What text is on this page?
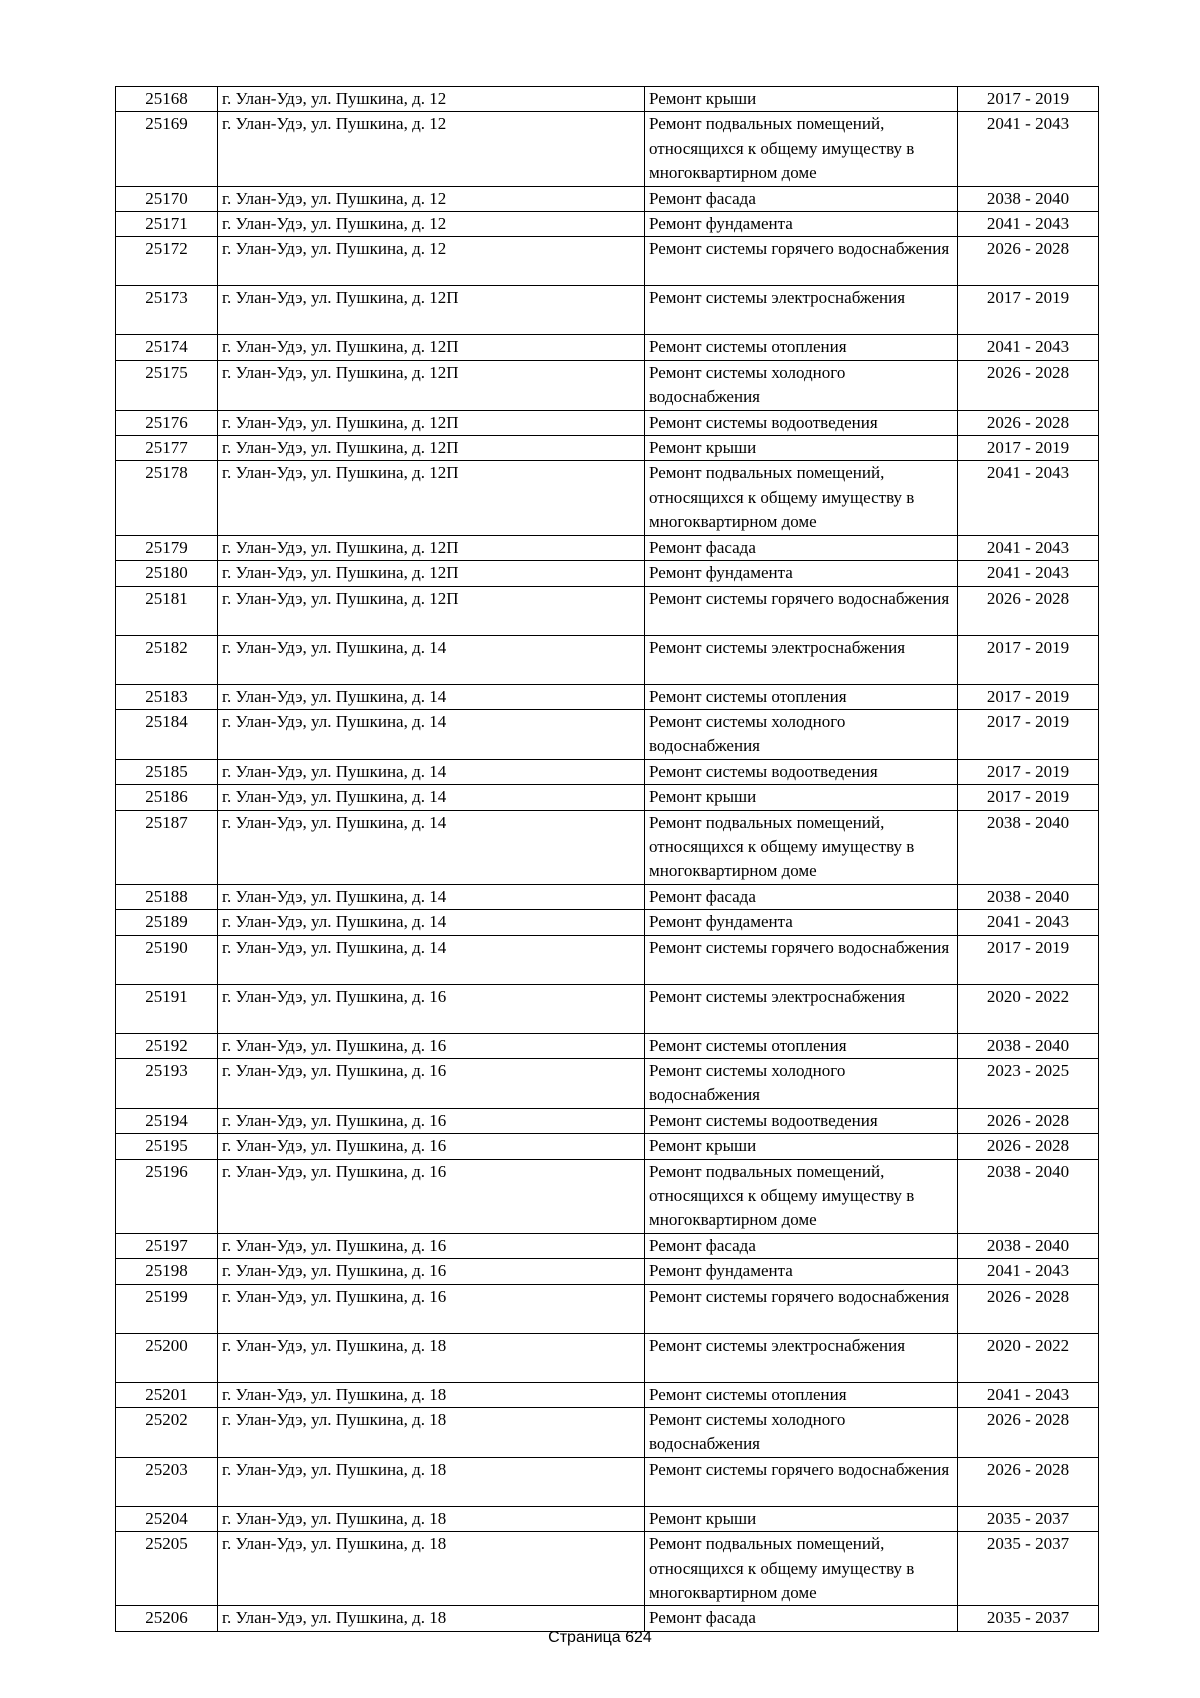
25168	г. Улан-Удэ, ул. Пушкина, д. 12	Ремонт крыши	2017 - 2019
25169	г. Улан-Удэ, ул. Пушкина, д. 12	Ремонт подвальных помещений, относящихся к общему имуществу в многоквартирном доме	2041 - 2043
25170	г. Улан-Удэ, ул. Пушкина, д. 12	Ремонт фасада	2038 - 2040
25171	г. Улан-Удэ, ул. Пушкина, д. 12	Ремонт фундамента	2041 - 2043
25172	г. Улан-Удэ, ул. Пушкина, д. 12	Ремонт системы горячего водоснабжения	2026 - 2028
25173	г. Улан-Удэ, ул. Пушкина, д. 12П	Ремонт системы электроснабжения	2017 - 2019
25174	г. Улан-Удэ, ул. Пушкина, д. 12П	Ремонт системы отопления	2041 - 2043
25175	г. Улан-Удэ, ул. Пушкина, д. 12П	Ремонт системы холодного водоснабжения	2026 - 2028
25176	г. Улан-Удэ, ул. Пушкина, д. 12П	Ремонт системы водоотведения	2026 - 2028
25177	г. Улан-Удэ, ул. Пушкина, д. 12П	Ремонт крыши	2017 - 2019
25178	г. Улан-Удэ, ул. Пушкина, д. 12П	Ремонт подвальных помещений, относящихся к общему имуществу в многоквартирном доме	2041 - 2043
25179	г. Улан-Удэ, ул. Пушкина, д. 12П	Ремонт фасада	2041 - 2043
25180	г. Улан-Удэ, ул. Пушкина, д. 12П	Ремонт фундамента	2041 - 2043
25181	г. Улан-Удэ, ул. Пушкина, д. 12П	Ремонт системы горячего водоснабжения	2026 - 2028
25182	г. Улан-Удэ, ул. Пушкина, д. 14	Ремонт системы электроснабжения	2017 - 2019
25183	г. Улан-Удэ, ул. Пушкина, д. 14	Ремонт системы отопления	2017 - 2019
25184	г. Улан-Удэ, ул. Пушкина, д. 14	Ремонт системы холодного водоснабжения	2017 - 2019
25185	г. Улан-Удэ, ул. Пушкина, д. 14	Ремонт системы водоотведения	2017 - 2019
25186	г. Улан-Удэ, ул. Пушкина, д. 14	Ремонт крыши	2017 - 2019
25187	г. Улан-Удэ, ул. Пушкина, д. 14	Ремонт подвальных помещений, относящихся к общему имуществу в многоквартирном доме	2038 - 2040
25188	г. Улан-Удэ, ул. Пушкина, д. 14	Ремонт фасада	2038 - 2040
25189	г. Улан-Удэ, ул. Пушкина, д. 14	Ремонт фундамента	2041 - 2043
25190	г. Улан-Удэ, ул. Пушкина, д. 14	Ремонт системы горячего водоснабжения	2017 - 2019
25191	г. Улан-Удэ, ул. Пушкина, д. 16	Ремонт системы электроснабжения	2020 - 2022
25192	г. Улан-Удэ, ул. Пушкина, д. 16	Ремонт системы отопления	2038 - 2040
25193	г. Улан-Удэ, ул. Пушкина, д. 16	Ремонт системы холодного водоснабжения	2023 - 2025
25194	г. Улан-Удэ, ул. Пушкина, д. 16	Ремонт системы водоотведения	2026 - 2028
25195	г. Улан-Удэ, ул. Пушкина, д. 16	Ремонт крыши	2026 - 2028
25196	г. Улан-Удэ, ул. Пушкина, д. 16	Ремонт подвальных помещений, относящихся к общему имуществу в многоквартирном доме	2038 - 2040
25197	г. Улан-Удэ, ул. Пушкина, д. 16	Ремонт фасада	2038 - 2040
25198	г. Улан-Удэ, ул. Пушкина, д. 16	Ремонт фундамента	2041 - 2043
25199	г. Улан-Удэ, ул. Пушкина, д. 16	Ремонт системы горячего водоснабжения	2026 - 2028
25200	г. Улан-Удэ, ул. Пушкина, д. 18	Ремонт системы электроснабжения	2020 - 2022
25201	г. Улан-Удэ, ул. Пушкина, д. 18	Ремонт системы отопления	2041 - 2043
25202	г. Улан-Удэ, ул. Пушкина, д. 18	Ремонт системы холодного водоснабжения	2026 - 2028
25203	г. Улан-Удэ, ул. Пушкина, д. 18	Ремонт системы горячего водоснабжения	2026 - 2028
25204	г. Улан-Удэ, ул. Пушкина, д. 18	Ремонт крыши	2035 - 2037
25205	г. Улан-Удэ, ул. Пушкина, д. 18	Ремонт подвальных помещений, относящихся к общему имуществу в многоквартирном доме	2035 - 2037
25206	г. Улан-Удэ, ул. Пушкина, д. 18	Ремонт фасада	2035 - 2037
Страница 624
